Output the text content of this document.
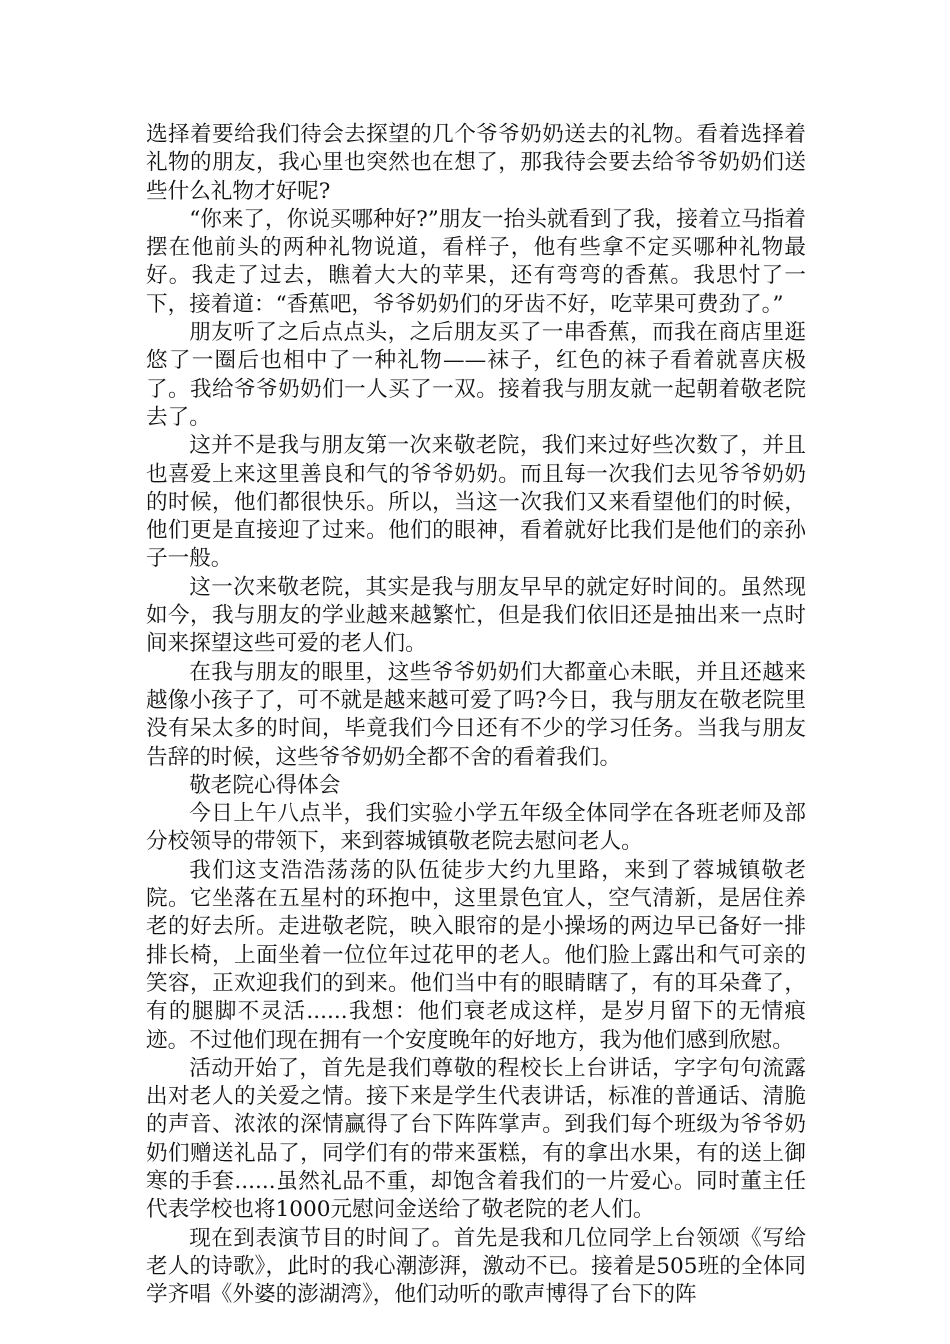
选择着要给我们待会去探望的几个爷爷奶奶送去的礼物。看着选择着礼物的朋友，我心里也突然也在想了，那我待会要去给爷爷奶奶们送些什么礼物才好呢?

“你来了，你说买哪种好?”朋友一抬头就看到了我，接着立马指着摆在他前头的两种礼物说道，看样子，他有些拿不定买哪种礼物最好。我走了过去，瞧着大大的苹果，还有弯弯的香蕉。我思忖了一下，接着道：“香蕉吧，爷爷奶奶们的牙齿不好，吃苹果可费劲了。”

朋友听了之后点点头，之后朋友买了一串香蕉，而我在商店里逛悠了一圈后也相中了一种礼物——袜子，红色的袜子看着就喜庆极了。我给爷爷奶奶们一人买了一双。接着我与朋友就一起朝着敬老院去了。

这并不是我与朋友第一次来敬老院，我们来过好些次数了，并且也喜爱上来这里善良和气的爷爷奶奶。而且每一次我们去见爷爷奶奶的时候，他们都很快乐。所以，当这一次我们又来看望他们的时候，他们更是直接迎了过来。他们的眼神，看着就好比我们是他们的亲孙子一般。

这一次来敬老院，其实是我与朋友早早的就定好时间的。虽然现如今，我与朋友的学业越来越繁忙，但是我们依旧还是抽出来一点时间来探望这些可爱的老人们。

在我与朋友的眼里，这些爷爷奶奶们大都童心未眠，并且还越来越像小孩子了，可不就是越来越可爱了吗?今日，我与朋友在敬老院里没有呆太多的时间，毕竟我们今日还有不少的学习任务。当我与朋友告辞的时候，这些爷爷奶奶全都不舍的看着我们。

敬老院心得体会

今日上午八点半，我们实验小学五年级全体同学在各班老师及部分校领导的带领下，来到蓉城镇敬老院去慰问老人。

我们这支浩浩荡荡的队伍徒步大约九里路，来到了蓉城镇敬老院。它坐落在五星村的环抱中，这里景色宜人，空气清新，是居住养老的好去所。走进敬老院，映入眼帘的是小操场的两边早已备好一排排长椅，上面坐着一位位年过花甲的老人。他们脸上露出和气可亲的笑容，正欢迎我们的到来。他们当中有的眼睛瞎了，有的耳朵聋了，有的腿脚不灵活......我想：他们衰老成这样，是岁月留下的无情痕迹。不过他们现在拥有一个安度晚年的好地方，我为他们感到欣慰。

活动开始了，首先是我们尊敬的程校长上台讲话，字字句句流露出对老人的关爱之情。接下来是学生代表讲话，标准的普通话、清脆的声音、浓浓的深情赢得了台下阵阵掌声。到我们每个班级为爷爷奶奶们赠送礼品了，同学们有的带来蛋糕，有的拿出水果，有的送上御寒的手套......虽然礼品不重，却饱含着我们的一片爱心。同时董主任代表学校也将1000元慰问金送给了敬老院的老人们。

现在到表演节目的时间了。首先是我和几位同学上台领颂《写给老人的诗歌》，此时的我心潮澎湃，激动不已。接着是505班的全体同学齐唱《外婆的澎湖湾》，他们动听的歌声博得了台下的阵
